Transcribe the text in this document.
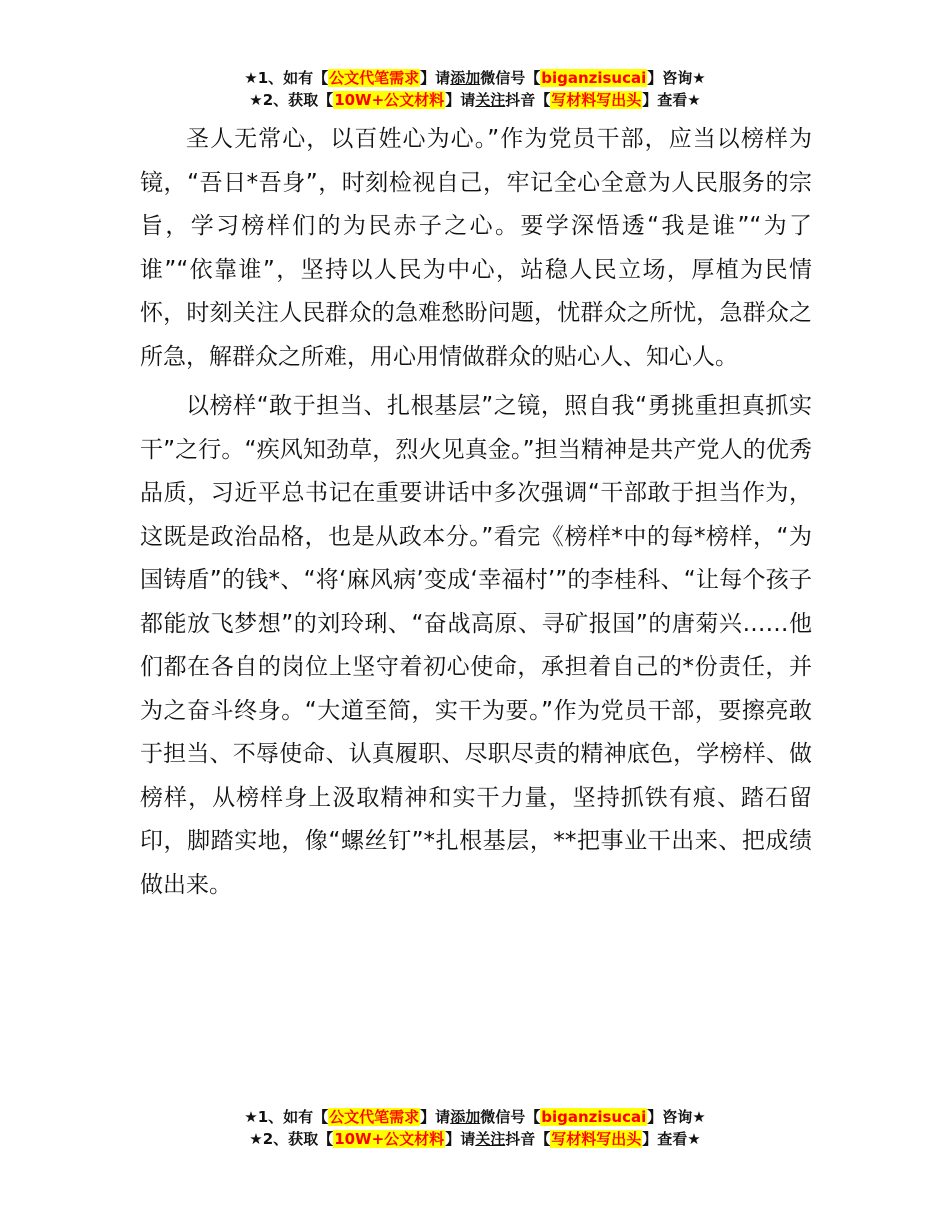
★1、如有【公文代笔需求】请添加微信号【biganzisucai】咨询★
★2、获取【10W+公文材料】请关注抖音【写材料写出头】查看★

圣人无常心，以百姓心为心。”作为党员干部，应当以榜样为镜，“吾日*吾身”，时刻检视自己，牢记全心全意为人民服务的宗旨，学习榜样们的为民赤子之心。要学深悟透“我是谁”“为了谁”“依靠谁”，坚持以人民为中心，站稳人民立场，厚植为民情怀，时刻关注人民群众的急难愁盼问题，忧群众之所忧，急群众之所急，解群众之所难，用心用情做群众的贴心人、知心人。

以榜样“敢于担当、扎根基层”之镜，照自我“勇挑重担真抓实干”之行。“疾风知劲草，烈火见真金。”担当精神是共产党人的优秀品质，习近平总书记在重要讲话中多次强调“干部敢于担当作为，这既是政治品格，也是从政本分。”看完《榜样*中的每*榜样，“为国铸盾”的钱*、“将‘麻风病’变成‘幸福村’”的李桂科、“让每个孩子都能放飞梦想”的刘玲琍、“奋战高原、寻矿报国”的唐菊兴……他们都在各自的岗位上坚守着初心使命，承担着自己的*份责任，并为之奋斗终身。“大道至简，实干为要。”作为党员干部，要擦亮敢于担当、不辱使命、认真履职、尽职尽责的精神底色，学榜样、做榜样，从榜样身上汲取精神和实干力量，坚持抓铁有痕、踏石留印，脚踏实地，像“螺丝钉”*扎根基层，**把事业干出来、把成绩做出来。

★1、如有【公文代笔需求】请添加微信号【biganzisucai】咨询★
★2、获取【10W+公文材料】请关注抖音【写材料写出头】查看★
